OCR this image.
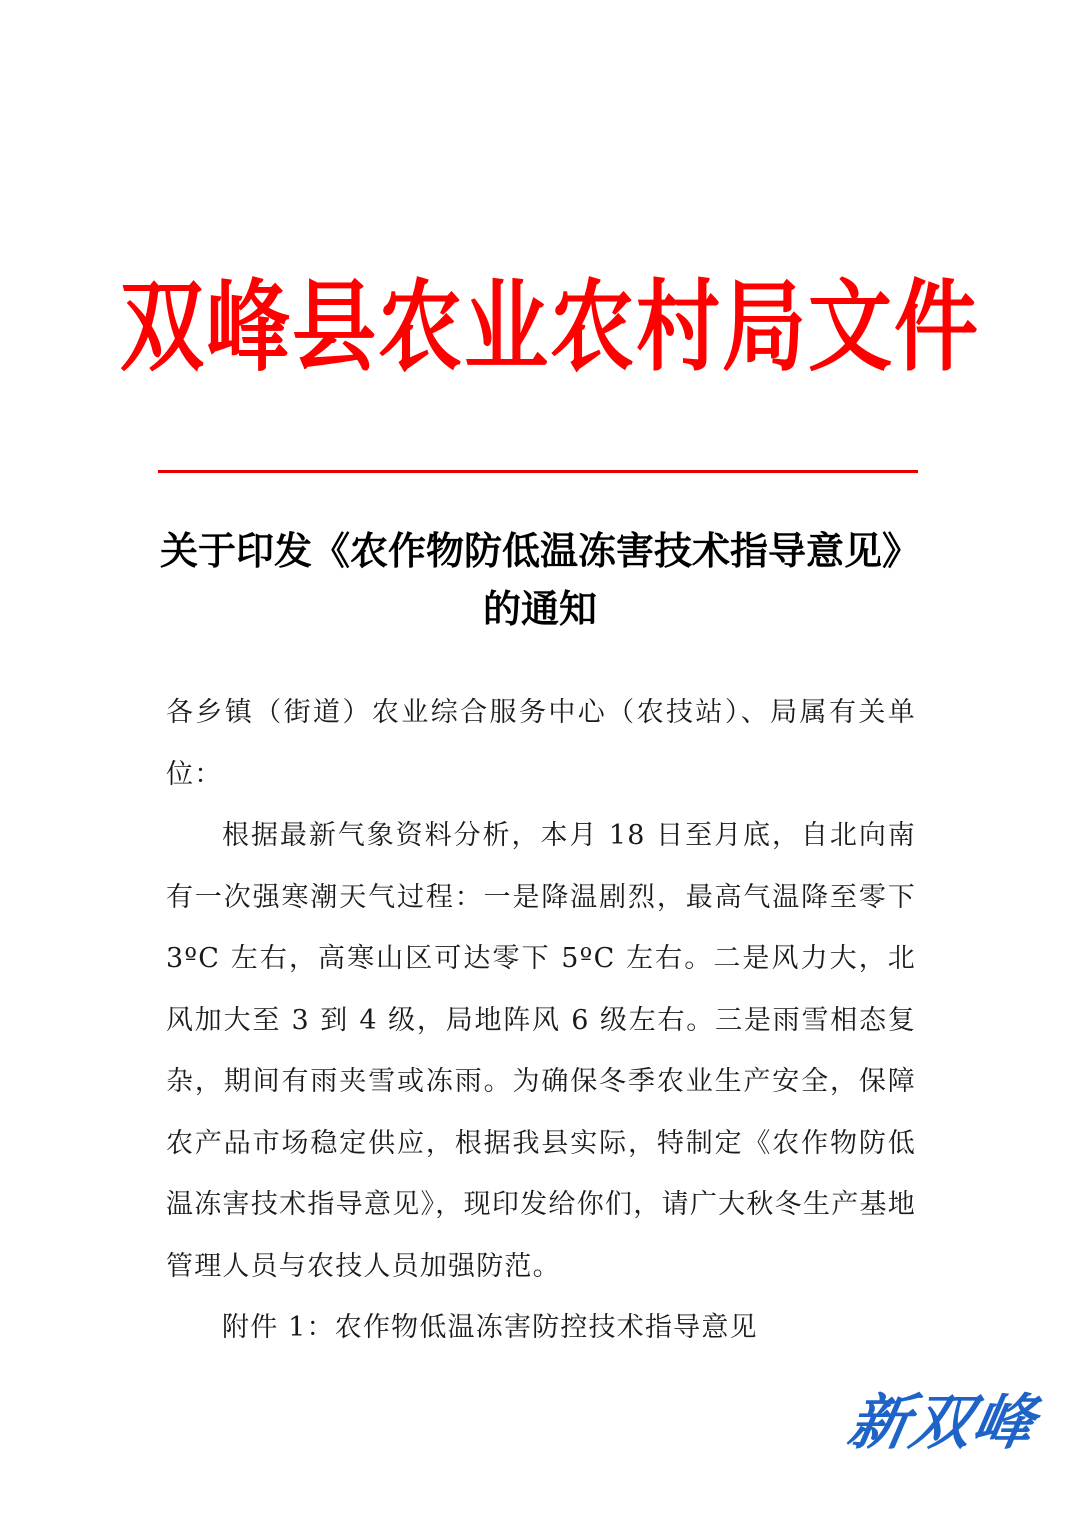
双峰县农业农村局文件
关于印发《农作物防低温冻害技术指导意见》
的通知

各乡镇（街道）农业综合服务中心（农技站）、局属有关单位：

根据最新气象资料分析，本月 18 日至月底，自北向南有一次强寒潮天气过程：一是降温剧烈，最高气温降至零下 3ºC 左右，高寒山区可达零下 5ºC 左右。二是风力大，北风加大至 3 到 4 级，局地阵风 6 级左右。三是雨雪相态复杂，期间有雨夹雪或冻雨。为确保冬季农业生产安全，保障农产品市场稳定供应，根据我县实际，特制定《农作物防低温冻害技术指导意见》，现印发给你们，请广大秋冬生产基地管理人员与农技人员加强防范。

附件 1：农作物低温冻害防控技术指导意见

新双峰
